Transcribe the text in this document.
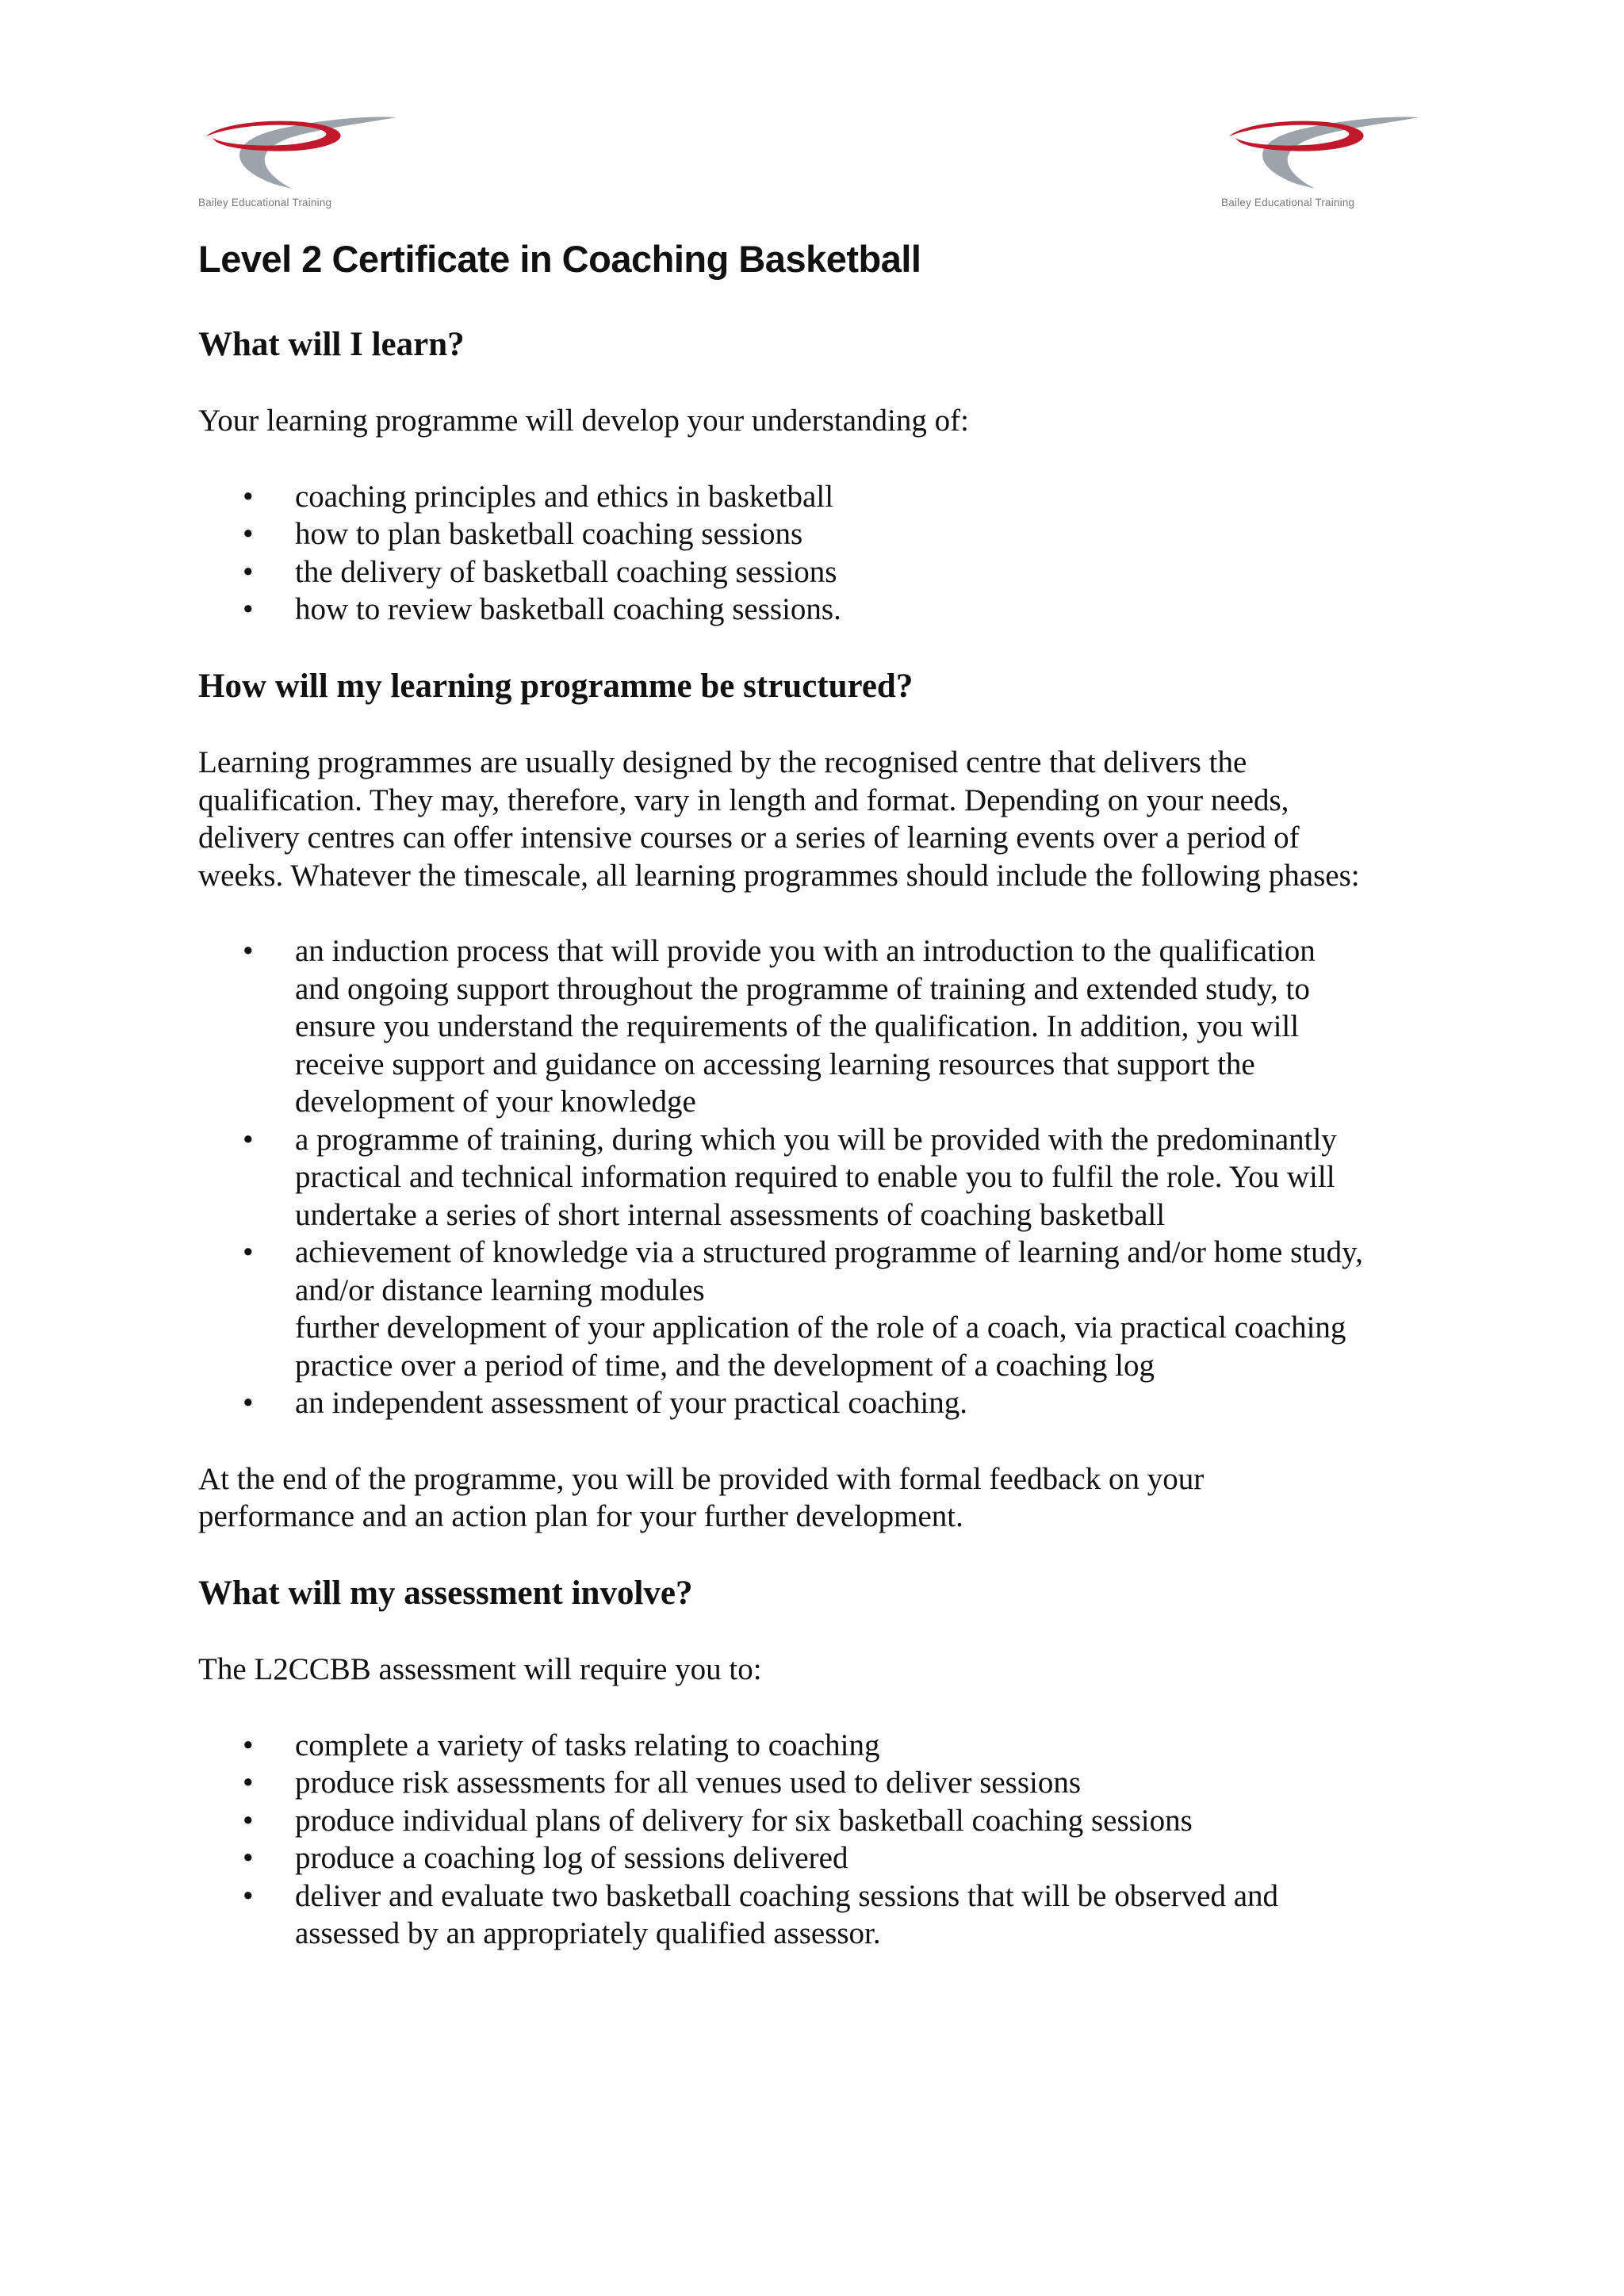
Bailey Educational Training	Bailey Educational Training
Level 2 Certificate in Coaching Basketball
What will I learn?

Your learning programme will develop your understanding of:

• coaching principles and ethics in basketball
• how to plan basketball coaching sessions
• the delivery of basketball coaching sessions
• how to review basketball coaching sessions.
How will my learning programme be structured?

Learning programmes are usually designed by the recognised centre that delivers the
qualification. They may, therefore, vary in length and format. Depending on your needs,
delivery centres can offer intensive courses or a series of learning events over a period of
weeks. Whatever the timescale, all learning programmes should include the following phases:

• an induction process that will provide you with an introduction to the qualification
and ongoing support throughout the programme of training and extended study, to
ensure you understand the requirements of the qualification. In addition, you will
receive support and guidance on accessing learning resources that support the
development of your knowledge
• a programme of training, during which you will be provided with the predominantly
practical and technical information required to enable you to fulfil the role. You will
undertake a series of short internal assessments of coaching basketball
• achievement of knowledge via a structured programme of learning and/or home study,
and/or distance learning modules
further development of your application of the role of a coach, via practical coaching
practice over a period of time, and the development of a coaching log
• an independent assessment of your practical coaching.

At the end of the programme, you will be provided with formal feedback on your
performance and an action plan for your further development.

What will my assessment involve?

The L2CCBB assessment will require you to:

• complete a variety of tasks relating to coaching
• produce risk assessments for all venues used to deliver sessions
• produce individual plans of delivery for six basketball coaching sessions
• produce a coaching log of sessions delivered
• deliver and evaluate two basketball coaching sessions that will be observed and
assessed by an appropriately qualified assessor.
